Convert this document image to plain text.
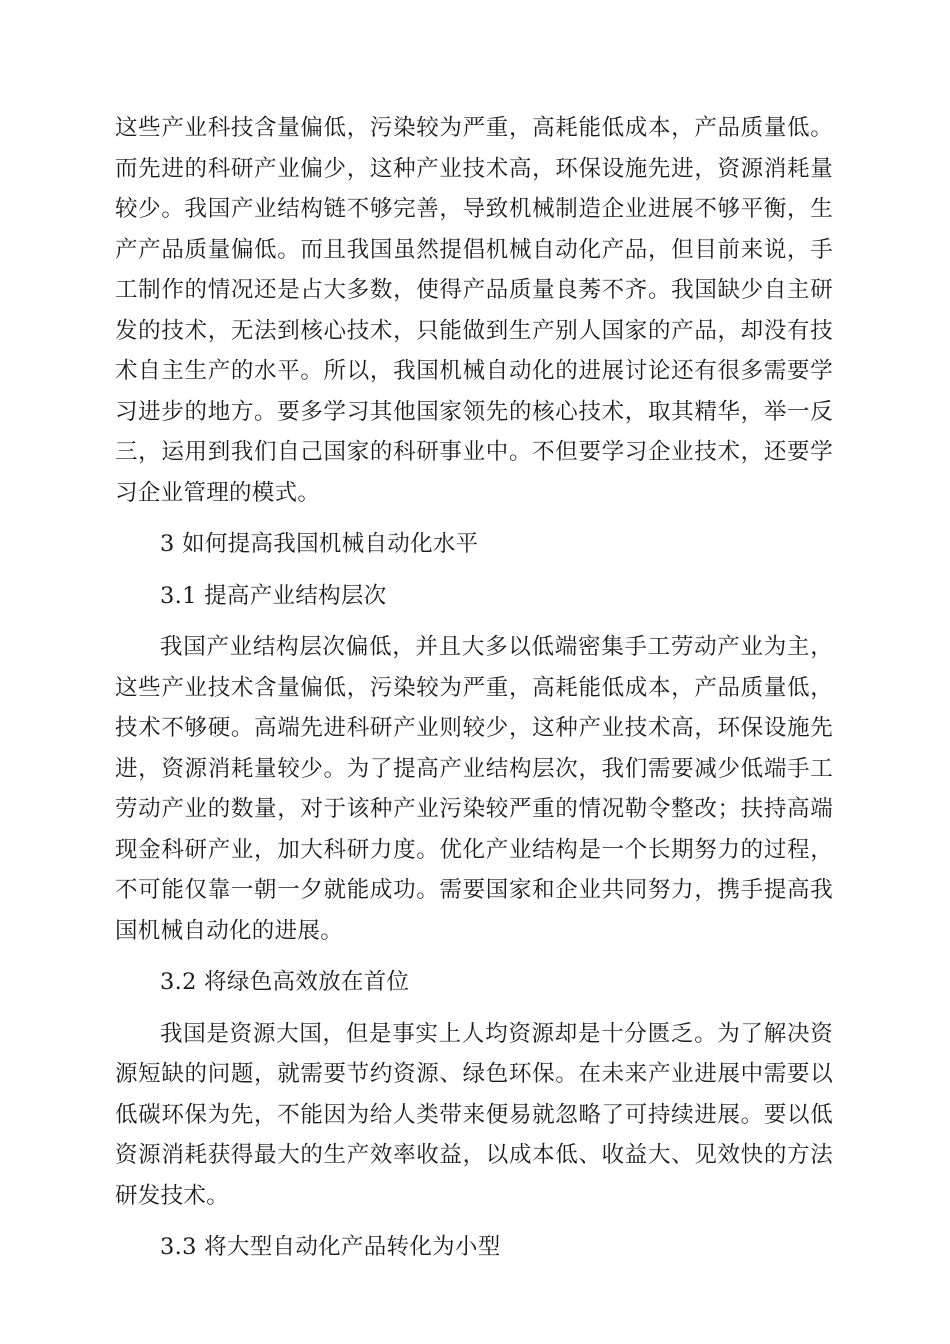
这些产业科技含量偏低，污染较为严重，高耗能低成本，产品质量低。而先进的科研产业偏少，这种产业技术高，环保设施先进，资源消耗量较少。我国产业结构链不够完善，导致机械制造企业进展不够平衡，生产产品质量偏低。而且我国虽然提倡机械自动化产品，但目前来说，手工制作的情况还是占大多数，使得产品质量良莠不齐。我国缺少自主研发的技术，无法到核心技术，只能做到生产别人国家的产品，却没有技术自主生产的水平。所以，我国机械自动化的进展讨论还有很多需要学习进步的地方。要多学习其他国家领先的核心技术，取其精华，举一反三，运用到我们自己国家的科研事业中。不但要学习企业技术，还要学习企业管理的模式。

3 如何提高我国机械自动化水平

3.1 提高产业结构层次

我国产业结构层次偏低，并且大多以低端密集手工劳动产业为主，这些产业技术含量偏低，污染较为严重，高耗能低成本，产品质量低，技术不够硬。高端先进科研产业则较少，这种产业技术高，环保设施先进，资源消耗量较少。为了提高产业结构层次，我们需要减少低端手工劳动产业的数量，对于该种产业污染较严重的情况勒令整改；扶持高端现金科研产业，加大科研力度。优化产业结构是一个长期努力的过程，不可能仅靠一朝一夕就能成功。需要国家和企业共同努力，携手提高我国机械自动化的进展。

3.2 将绿色高效放在首位

我国是资源大国，但是事实上人均资源却是十分匮乏。为了解决资源短缺的问题，就需要节约资源、绿色环保。在未来产业进展中需要以低碳环保为先，不能因为给人类带来便易就忽略了可持续进展。要以低资源消耗获得最大的生产效率收益，以成本低、收益大、见效快的方法研发技术。

3.3 将大型自动化产品转化为小型
